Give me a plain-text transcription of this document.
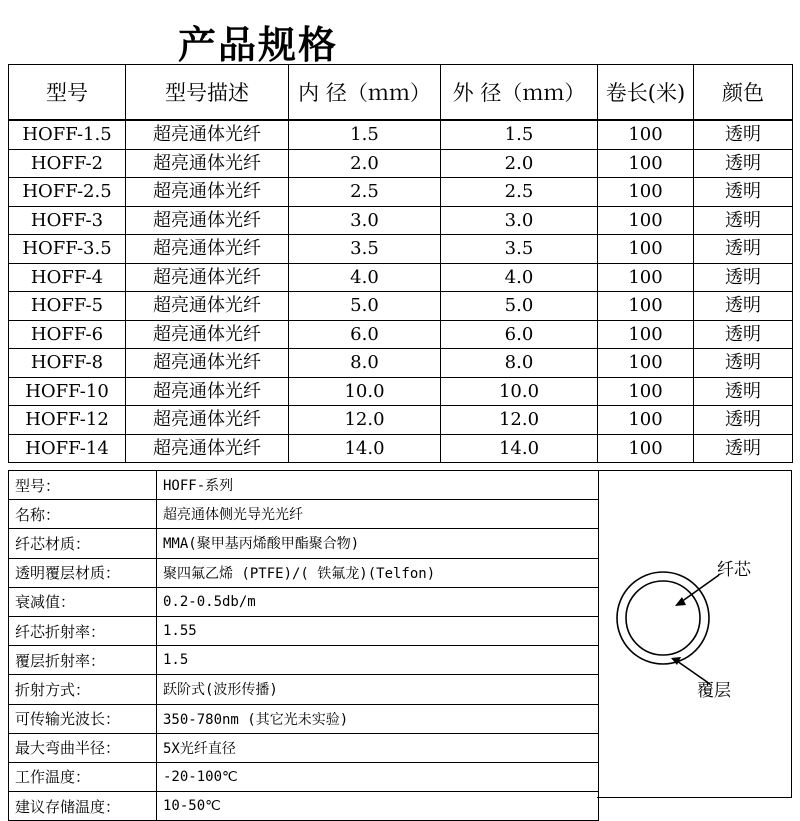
产品规格
型号	型号描述	内 径（ｍｍ）	外 径（ｍｍ）	卷长(米)	颜色
HOFF-1.5	超亮通体光纤	1.5	1.5	100	透明
HOFF-2	超亮通体光纤	2.0	2.0	100	透明
HOFF-2.5	超亮通体光纤	2.5	2.5	100	透明
HOFF-3	超亮通体光纤	3.0	3.0	100	透明
HOFF-3.5	超亮通体光纤	3.5	3.5	100	透明
HOFF-4	超亮通体光纤	4.0	4.0	100	透明
HOFF-5	超亮通体光纤	5.0	5.0	100	透明
HOFF-6	超亮通体光纤	6.0	6.0	100	透明
HOFF-8	超亮通体光纤	8.0	8.0	100	透明
HOFF-10	超亮通体光纤	10.0	10.0	100	透明
HOFF-12	超亮通体光纤	12.0	12.0	100	透明
HOFF-14	超亮通体光纤	14.0	14.0	100	透明
型号：	HOFF-系列
名称：	超亮通体侧光导光光纤
纤芯材质：	MMA(聚甲基丙烯酸甲酯聚合物)
透明覆层材质：	聚四氟乙烯 (PTFE)/( 铁氟龙)(Telfon)
衰减值：	0.2-0.5db/m
纤芯折射率：	1.55
覆层折射率：	1.5
折射方式：	跃阶式(波形传播)
可传输光波长：	350-780nm (其它光未实验)
最大弯曲半径：	5X光纤直径
工作温度：	-20-100℃
建议存储温度：	10-50℃
纤芯
覆层
